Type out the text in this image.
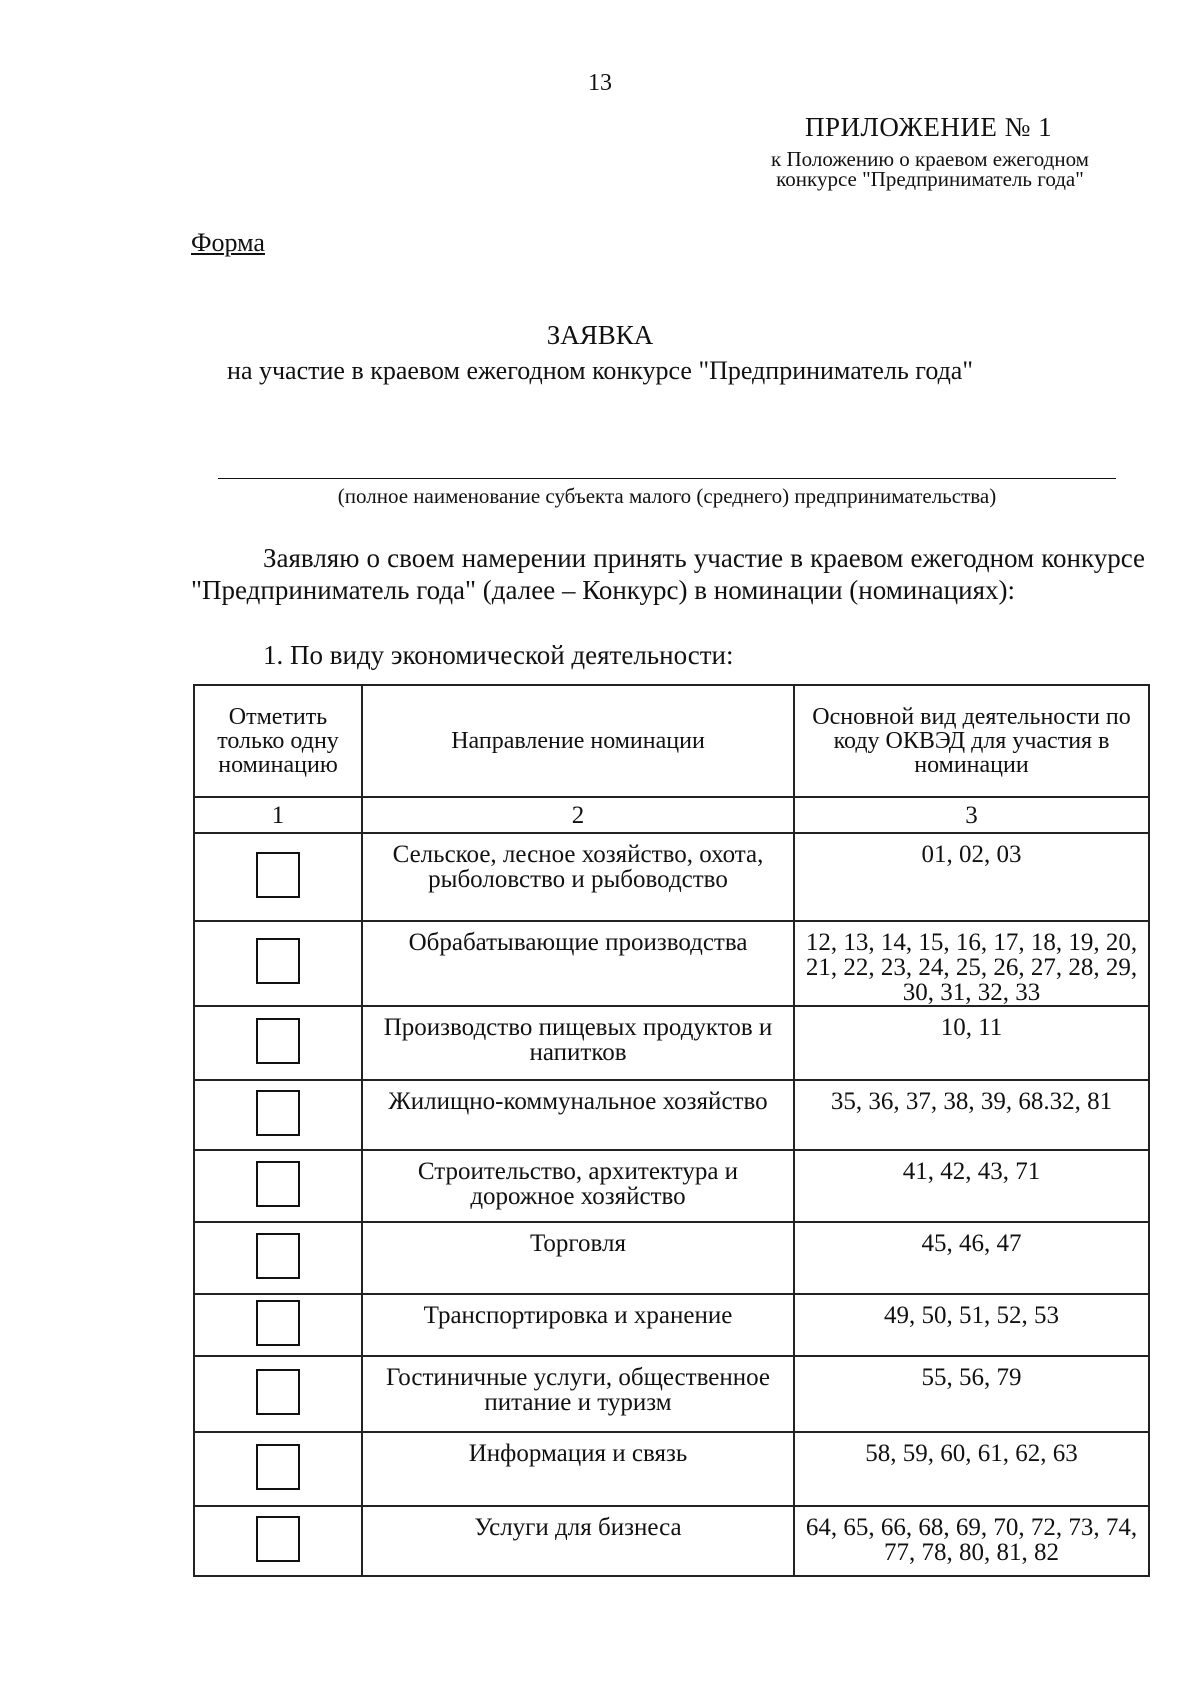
13
ПРИЛОЖЕНИЕ № 1
к Положению о краевом ежегодном
конкурсе "Предприниматель года"
Форма
ЗАЯВКА
на участие в краевом ежегодном конкурсе "Предприниматель года"
(полное наименование субъекта малого (среднего) предпринимательства)

Заявляю о своем намерении принять участие в краевом ежегодном конкурсе "Предприниматель года" (далее – Конкурс) в номинации (номинациях):

1. По виду экономической деятельности:
Отметить только одну номинацию	Направление номинации	Основной вид деятельности по коду ОКВЭД для участия в номинации
1	2	3
	Сельское, лесное хозяйство, охота, рыболовство и рыбоводство	01, 02, 03
	Обрабатывающие производства	12, 13, 14, 15, 16, 17, 18, 19, 20, 21, 22, 23, 24, 25, 26, 27, 28, 29, 30, 31, 32, 33
	Производство пищевых продуктов и напитков	10, 11
	Жилищно-коммунальное хозяйство	35, 36, 37, 38, 39, 68.32, 81
	Строительство, архитектура и дорожное хозяйство	41, 42, 43, 71
	Торговля	45, 46, 47
	Транспортировка и хранение	49, 50, 51, 52, 53
	Гостиничные услуги, общественное питание и туризм	55, 56, 79
	Информация и связь	58, 59, 60, 61, 62, 63
	Услуги для бизнеса	64, 65, 66, 68, 69, 70, 72, 73, 74, 77, 78, 80, 81, 82
